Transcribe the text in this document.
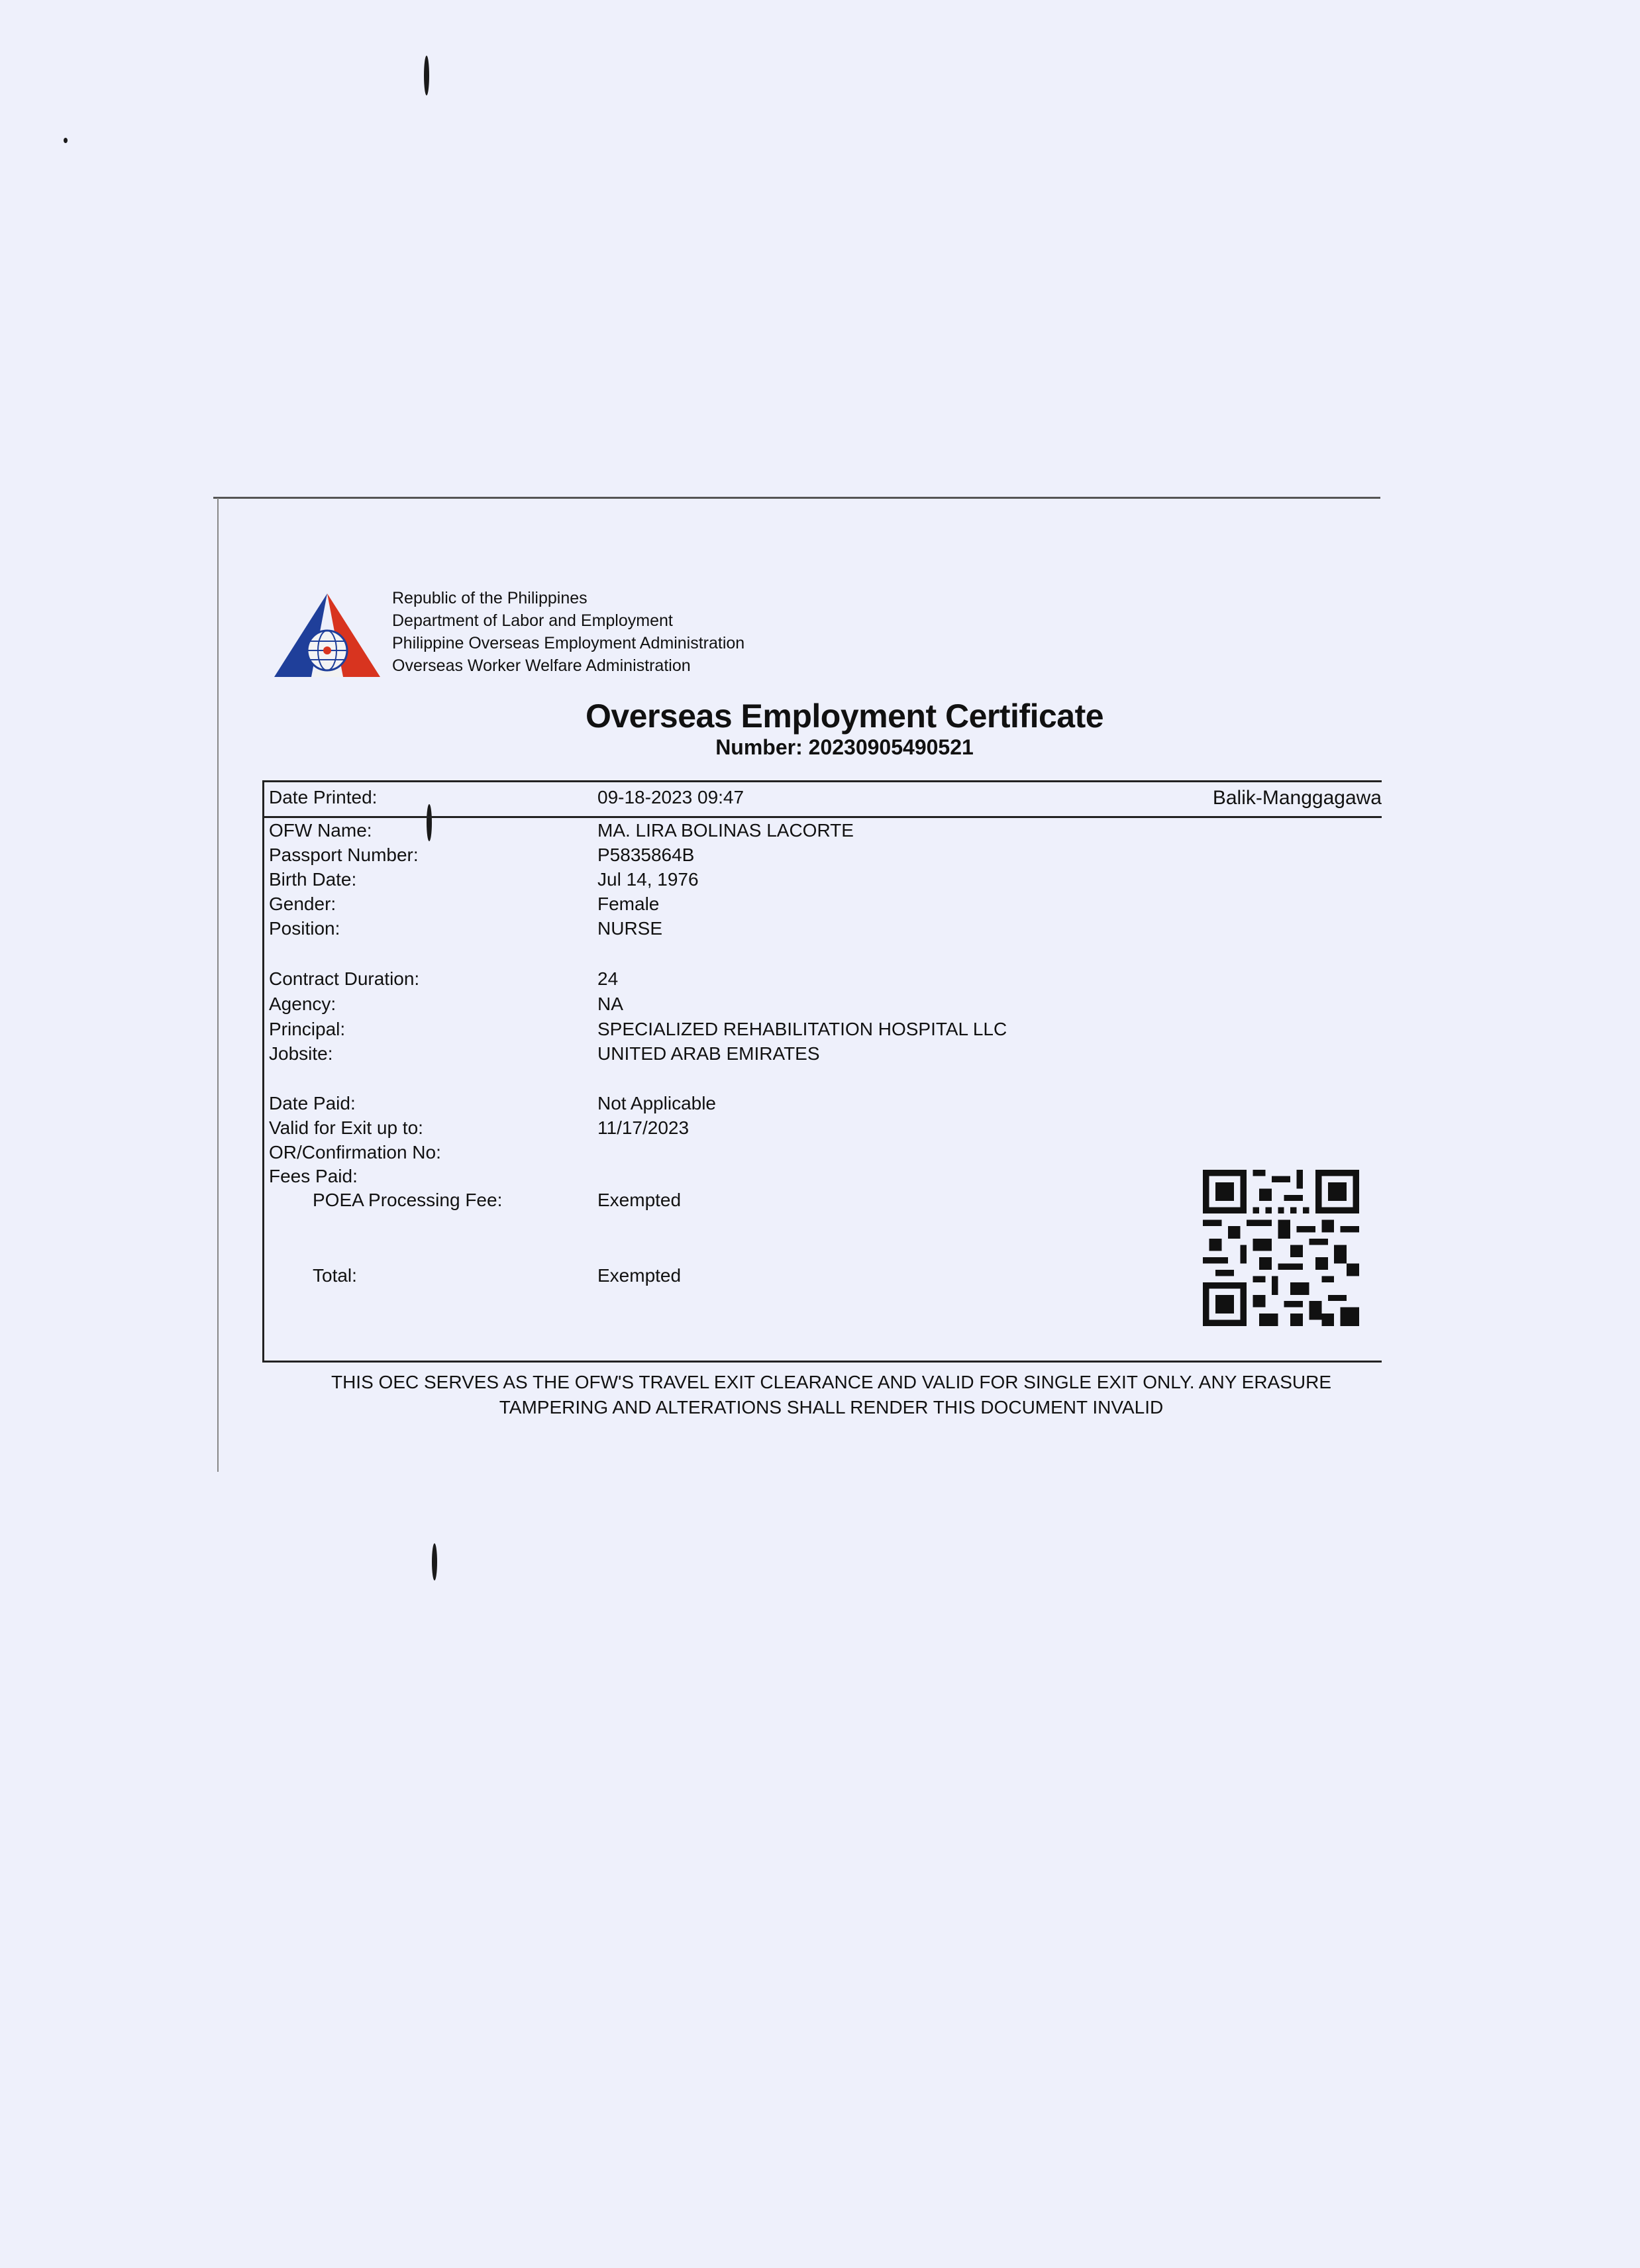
Republic of the Philippines
Department of Labor and Employment
Philippine Overseas Employment Administration
Overseas Worker Welfare Administration
Overseas Employment Certificate
Number: 20230905490521
Date Printed:	09-18-2023 09:47	Balik-Manggagawa
OFW Name:	MA. LIRA BOLINAS LACORTE
Passport Number:	P5835864B
Birth Date:	Jul 14, 1976
Gender:	Female
Position:	NURSE
Contract Duration:	24
Agency:	NA
Principal:	SPECIALIZED REHABILITATION HOSPITAL LLC
Jobsite:	UNITED ARAB EMIRATES
Date Paid:	Not Applicable
Valid for Exit up to:	11/17/2023
OR/Confirmation No:
Fees Paid:
POEA Processing Fee:	Exempted
Total:	Exempted
THIS OEC SERVES AS THE OFW'S TRAVEL EXIT CLEARANCE AND VALID FOR SINGLE EXIT ONLY. ANY ERASURE
TAMPERING AND ALTERATIONS SHALL RENDER THIS DOCUMENT INVALID
